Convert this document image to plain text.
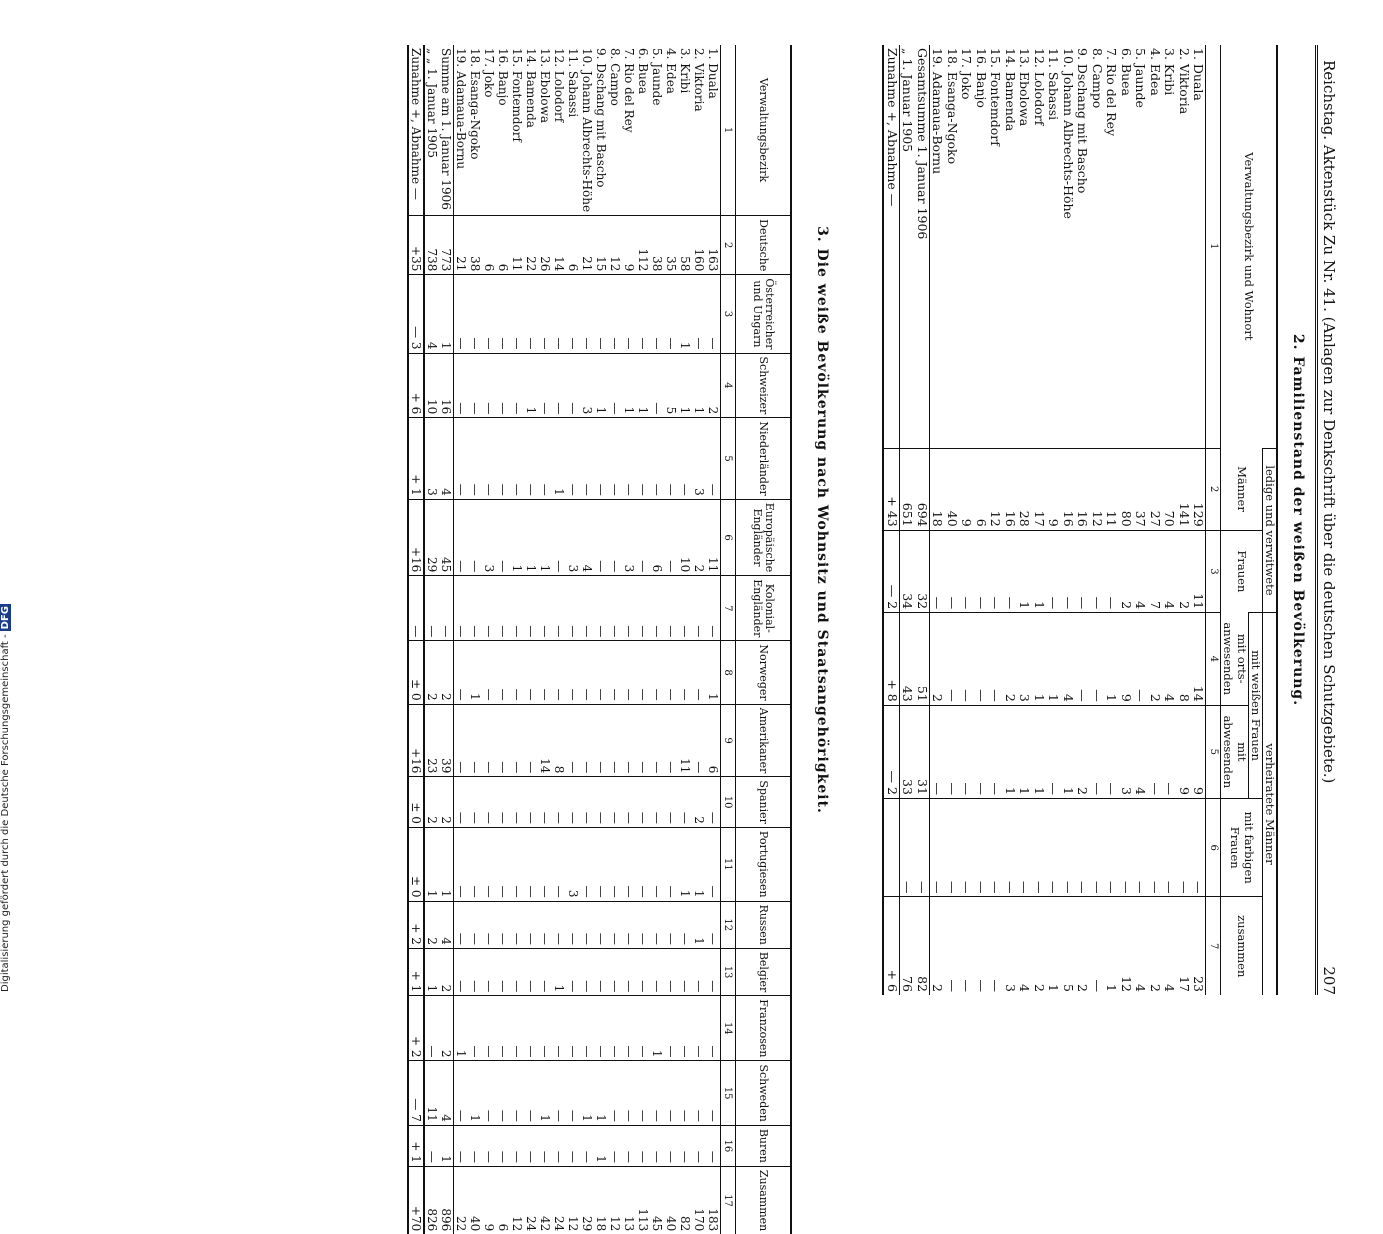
Reichstag. Aktenstück Zu Nr. 41. (Anlagen zur Denkschrift über die deutschen Schutzgebiete.)
207
2. Familienstand der weißen Bevölkerung.
Verwaltungsbezirk und Wohnort	ledige und verwitwete		verheiratete Männer			
	Männer	Frauen	mit weißen Frauen		mit farbigen Frauen	zusammen
			mit orts-anwesenden	mit abwesenden		
1	2	3	4	5	6	7
1. Duala	129	11	14	9	—	23
2. Viktoria	141	2	8	9	—	17
3. Kribi	70	4	4	—	—	4
4. Edea	27	7	2	—	—	2
5. Jaunde	37	4	—	4	—	4
6. Buea	80	2	9	3	—	12
7. Rio del Rey	11	—	1	—	—	1
8. Campo	12	—	—	—	—	—
9. Dschang mit Bascho	16	—	—	2	—	2
10. Johann Albrechts-Höhe	16	—	4	1	—	5
11. Sabassi	9	—	1	—	—	1
12. Lolodorf	17	1	1	1	—	2
13. Ebolowa	28	1	3	1	—	4
14. Bamenda	16	—	2	1	—	3
15. Fontemdorf	12	—	—	—	—	—
16. Banjo	6	—	—	—	—	—
17. Joko	9	—	—	—	—	—
18. Esanga-Ngoko	40	—	—	—	—	—
19. Adamaua-Bornu	18	—	2	—	—	2
Gesamtsumme 1. Januar 1906	694	32	51	31	—	82
„ 1. Januar 1905	651	34	43	33	—	76
Zunahme +, Abnahme —	+ 43	— 2	+ 8	— 2		+ 6
3. Die weiße Bevölkerung nach Wohnsitz und Staatsangehörigkeit.
Verwaltungsbezirk	Deutsche	Österreicher und Ungarn	Schweizer	Niederländer	Europäische Engländer	Kolonial-Engländer	Norweger	Amerikaner	Spanier	Portugiesen	Russen	Belgier	Franzosen	Schweden	Buren	Zusammen
1	2	3	4	5	6	7	8	9	10	11	12	13	14	15	16	17
1. Duala	163	—	2	—	11	—	1	6	—	—	—	—	—	—	—	183
2. Viktoria	160	—	1	3	2	—	—	—	2	1	1	—	—	—	—	170
3. Kribi	58	1	1	—	10	—	—	11	—	1	—	—	—	—	—	82
4. Edea	35	—	5	—	—	—	—	—	—	—	—	—	—	—	—	40
5. Jaunde	38	—	—	—	6	—	—	—	—	—	—	—	1	—	—	45
6. Buea	112	—	1	—	—	—	—	—	—	—	—	—	—	—	—	113
7. Rio del Rey	9	—	1	—	3	—	—	—	—	—	—	—	—	—	—	13
8. Campo	12	—	—	—	—	—	—	—	—	—	—	—	—	—	—	12
9. Dschang mit Bascho	15	—	1	—	—	—	—	—	—	—	—	—	—	1	1	18
10. Johann Albrechts-Höhe	21	—	3	—	4	—	—	—	—	—	—	—	—	1	—	29
11. Sabassi	6	—	—	—	3	—	—	—	—	3	—	—	—	—	—	12
12. Lolodorf	14	—	—	1	—	—	—	8	—	—	—	1	—	—	—	24
13. Ebolowa	26	—	—	—	1	—	—	14	—	—	—	—	—	1	—	42
14. Bamenda	22	—	1	—	1	—	—	—	—	—	—	—	—	—	—	24
15. Fontemdorf	11	—	—	—	1	—	—	—	—	—	—	—	—	—	—	12
16. Banjo	6	—	—	—	—	—	—	—	—	—	—	—	—	—	—	6
17. Joko	6	—	—	—	3	—	—	—	—	—	—	—	—	—	—	9
18. Esanga-Ngoko	38	—	—	—	—	—	1	—	—	—	—	—	—	1	—	40
19. Adamaua-Bornu	21	—	—	—	—	—	—	—	—	—	—	—	1	—	—	22
Summe am 1. Januar 1906	773	1	16	4	45	—	2	39	2	1	4	2	2	4	1	896
„ „ 1. Januar 1905	738	4	10	3	29	—	2	23	2	1	2	1	—	11	—	826
Zunahme +, Abnahme —	+35	— 3	+ 6	+ 1	+16	—	± 0	+16	± 0	± 0	+ 2	+ 1	+ 2	— 7	+ 1	+70
Digitalisierung gefördert durch die Deutsche Forschungsgemeinschaft -DFG
